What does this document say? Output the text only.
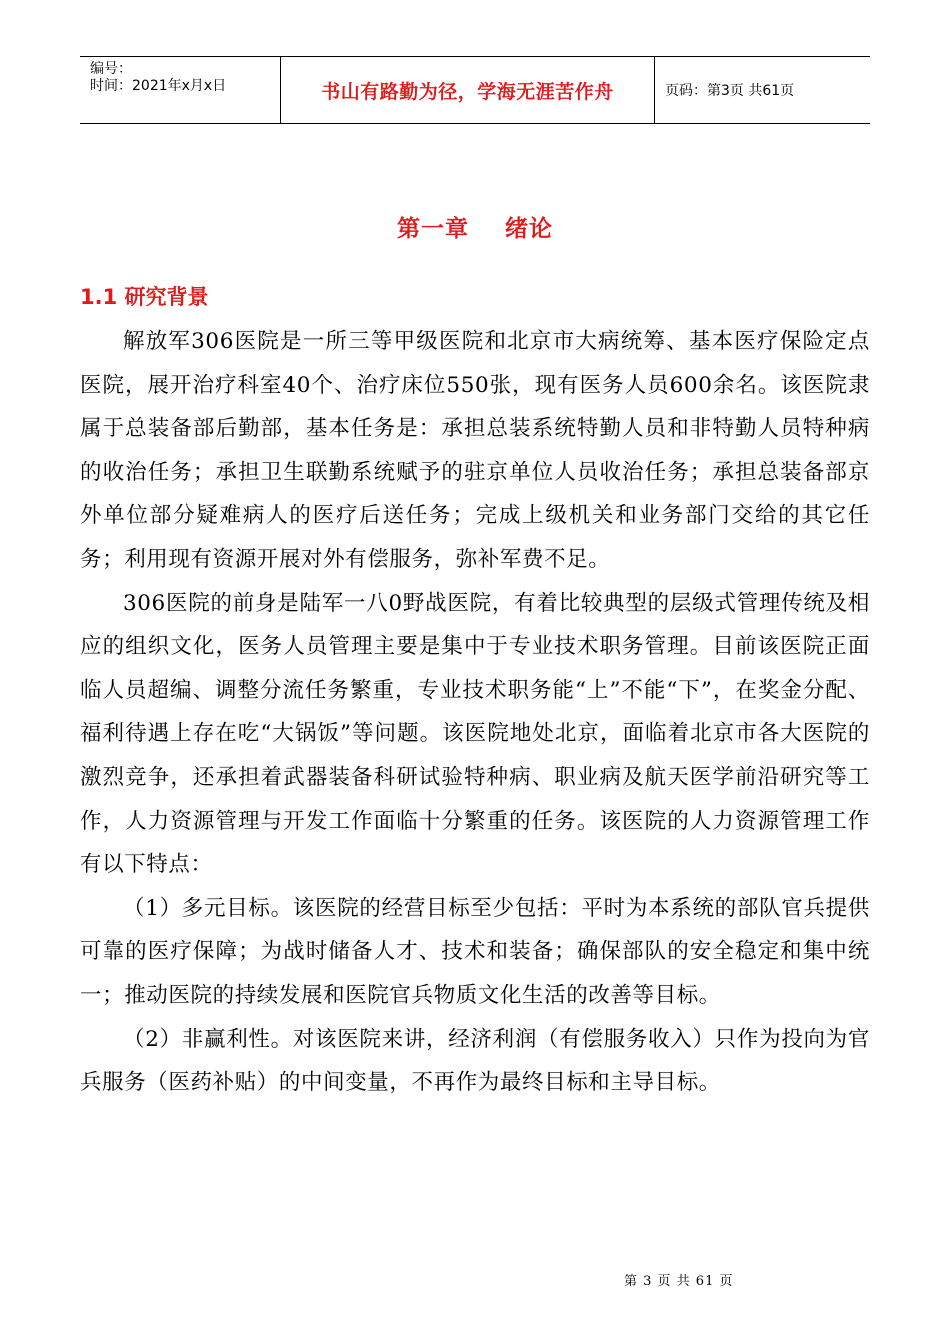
编号：
时间：2021年x月x日	书山有路勤为径，学海无涯苦作舟	页码：第3页 共61页
第一章    绪论
1.1 研究背景

解放军306医院是一所三等甲级医院和北京市大病统筹、基本医疗保险定点医院，展开治疗科室40个、治疗床位550张，现有医务人员600余名。该医院隶属于总装备部后勤部，基本任务是：承担总装系统特勤人员和非特勤人员特种病的收治任务；承担卫生联勤系统赋予的驻京单位人员收治任务；承担总装备部京外单位部分疑难病人的医疗后送任务；完成上级机关和业务部门交给的其它任务；利用现有资源开展对外有偿服务，弥补军费不足。

306医院的前身是陆军一八0野战医院，有着比较典型的层级式管理传统及相应的组织文化，医务人员管理主要是集中于专业技术职务管理。目前该医院正面临人员超编、调整分流任务繁重，专业技术职务能“上”不能“下”，在奖金分配、福利待遇上存在吃“大锅饭”等问题。该医院地处北京，面临着北京市各大医院的激烈竞争，还承担着武器装备科研试验特种病、职业病及航天医学前沿研究等工作，人力资源管理与开发工作面临十分繁重的任务。该医院的人力资源管理工作有以下特点：

（1）多元目标。该医院的经营目标至少包括：平时为本系统的部队官兵提供可靠的医疗保障；为战时储备人才、技术和装备；确保部队的安全稳定和集中统一；推动医院的持续发展和医院官兵物质文化生活的改善等目标。

（2）非赢利性。对该医院来讲，经济利润（有偿服务收入）只作为投向为官兵服务（医药补贴）的中间变量，不再作为最终目标和主导目标。

第 3 页 共 61 页
